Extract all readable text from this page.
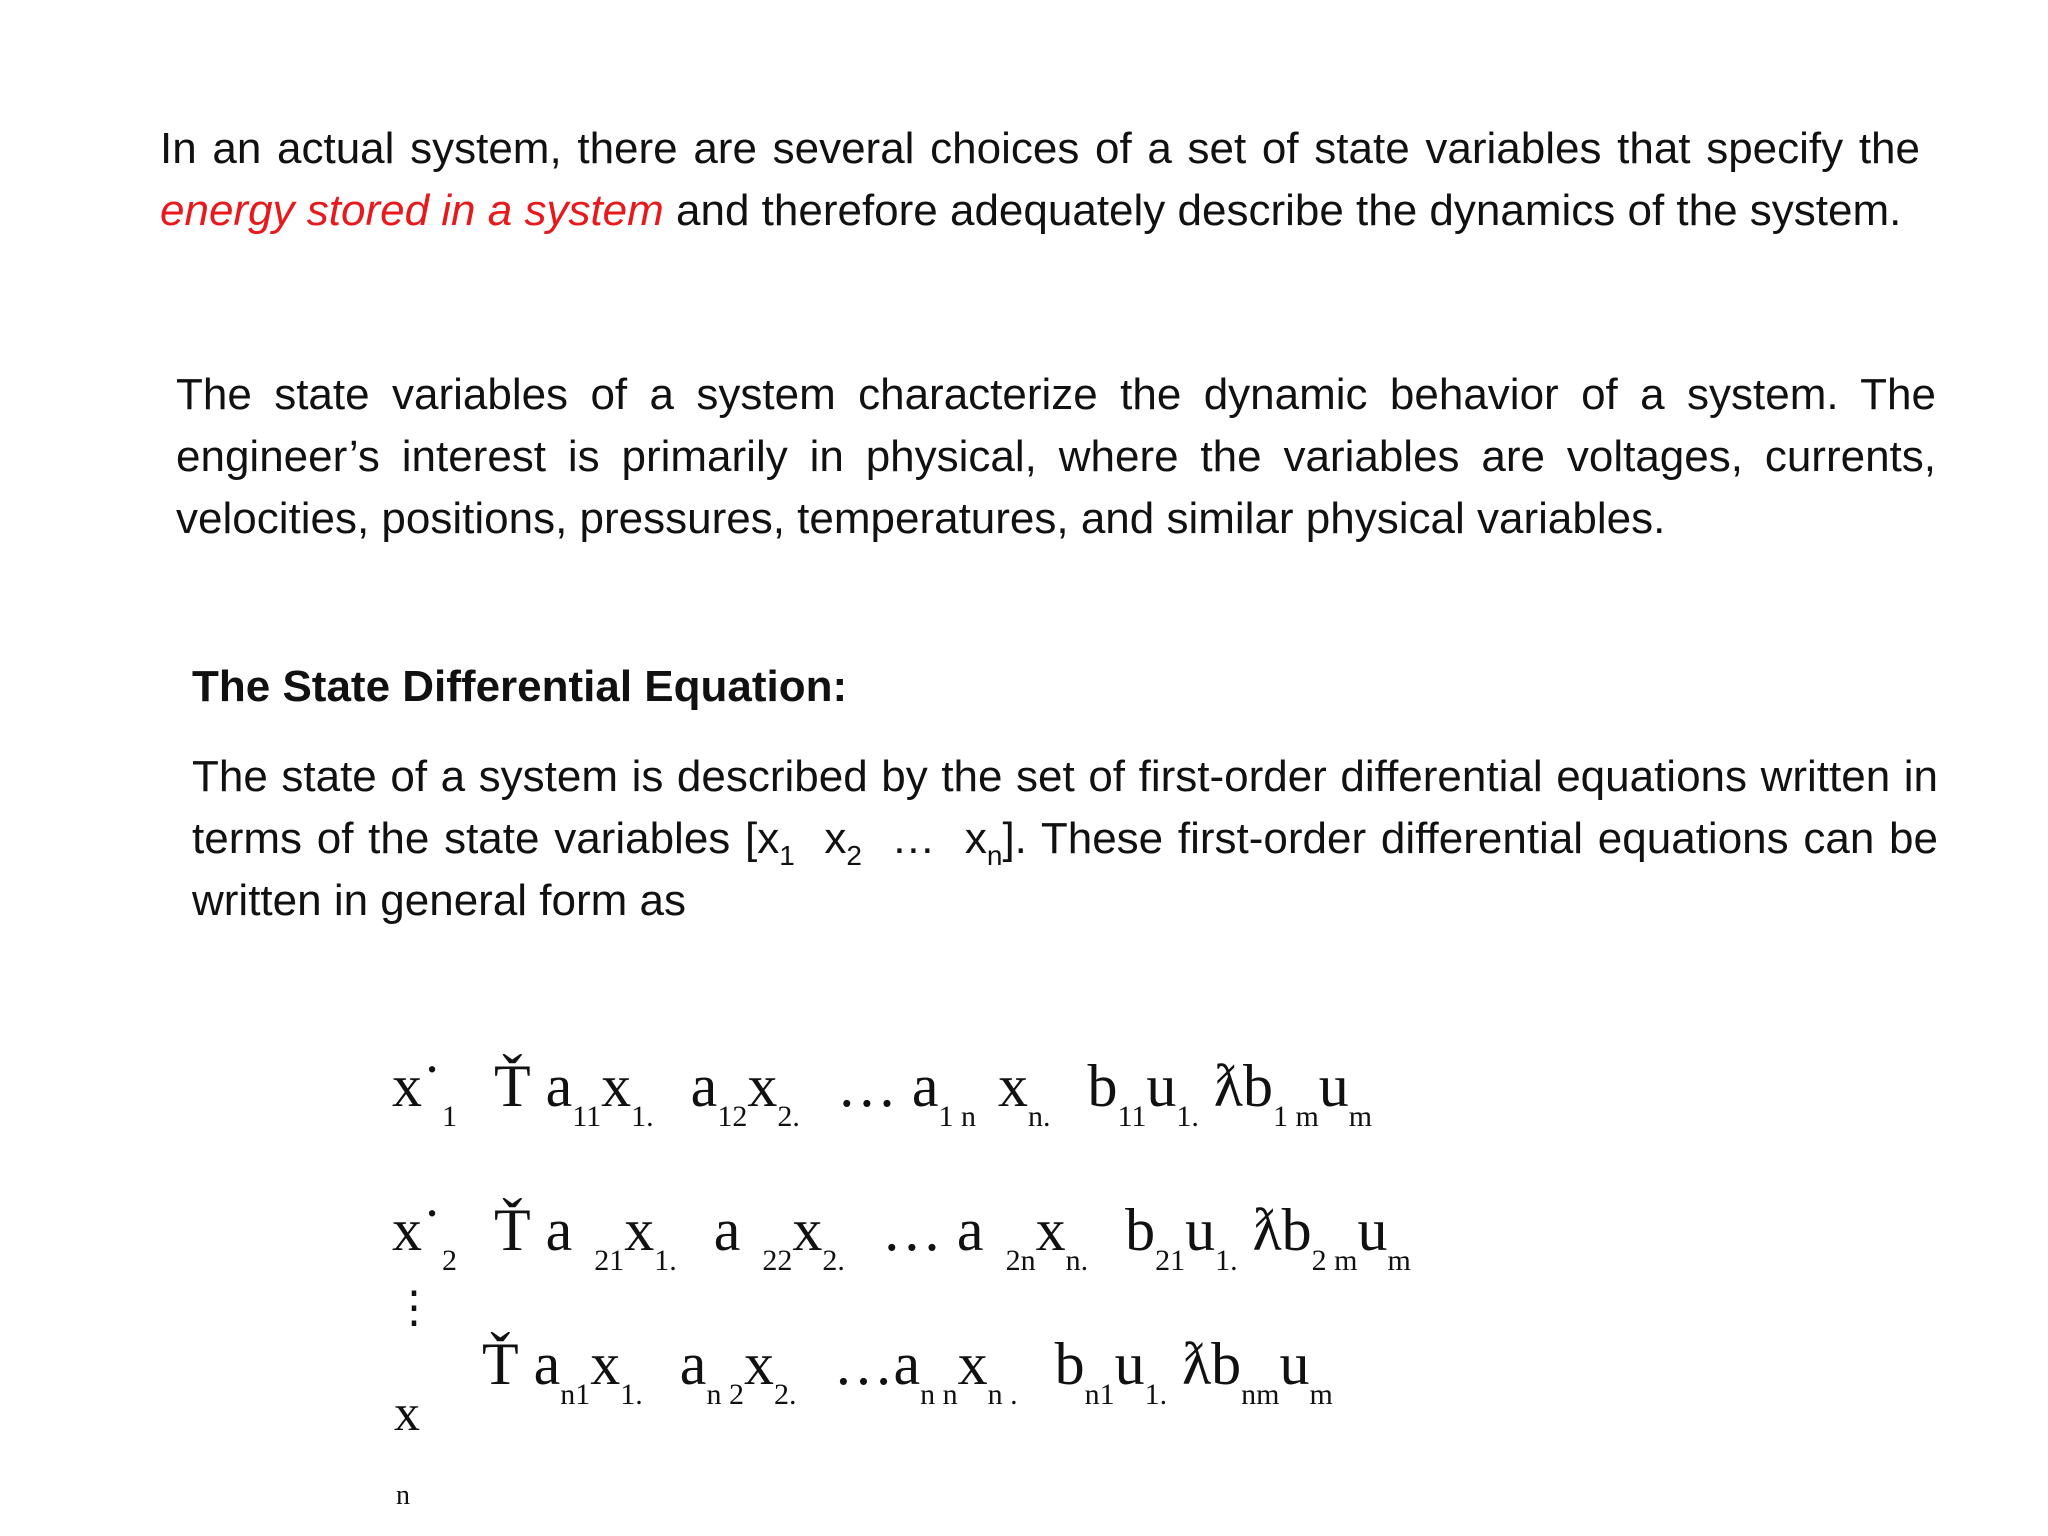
In an actual system, there are several choices of a set of state variables that specify the energy stored in a system and therefore adequately describe the dynamics of the system.

The state variables of a system characterize the dynamic behavior of a system. The engineer’s interest is primarily in physical, where the variables are voltages, currents, velocities, positions, pressures, temperatures, and similar physical variables.

The State Differential Equation:

The state of a system is described by the set of first-order differential equations written in terms of the state variables [$x_1$  $x_2$  …  $x_n$]. These first-order differential equations can be written in general form as

$x˙_1$ Ť $a_{11}x_{1.}$ $a_{12}x_{2.}$ … $a_{1 n}$ $x_{n.}$ $b_{11}u_{1.}$ $ƛb_{1 m}u_m$
$x˙_2$ Ť a $_{21}x_{1.}$ a $_{22}x_{2.}$ … a $_{2n}x_{n.}$ $b_{21}u_{1.}$ $ƛb_{2 m}u_m$
⋮
x
n
Ť $a_{n1}x_{1.}$ $a_{n 2}x_{2.}$ $\dots a_{n n}x_{n .}$ $b_{n1}u_{1.}$ $ƛb_{nm}u_m$
